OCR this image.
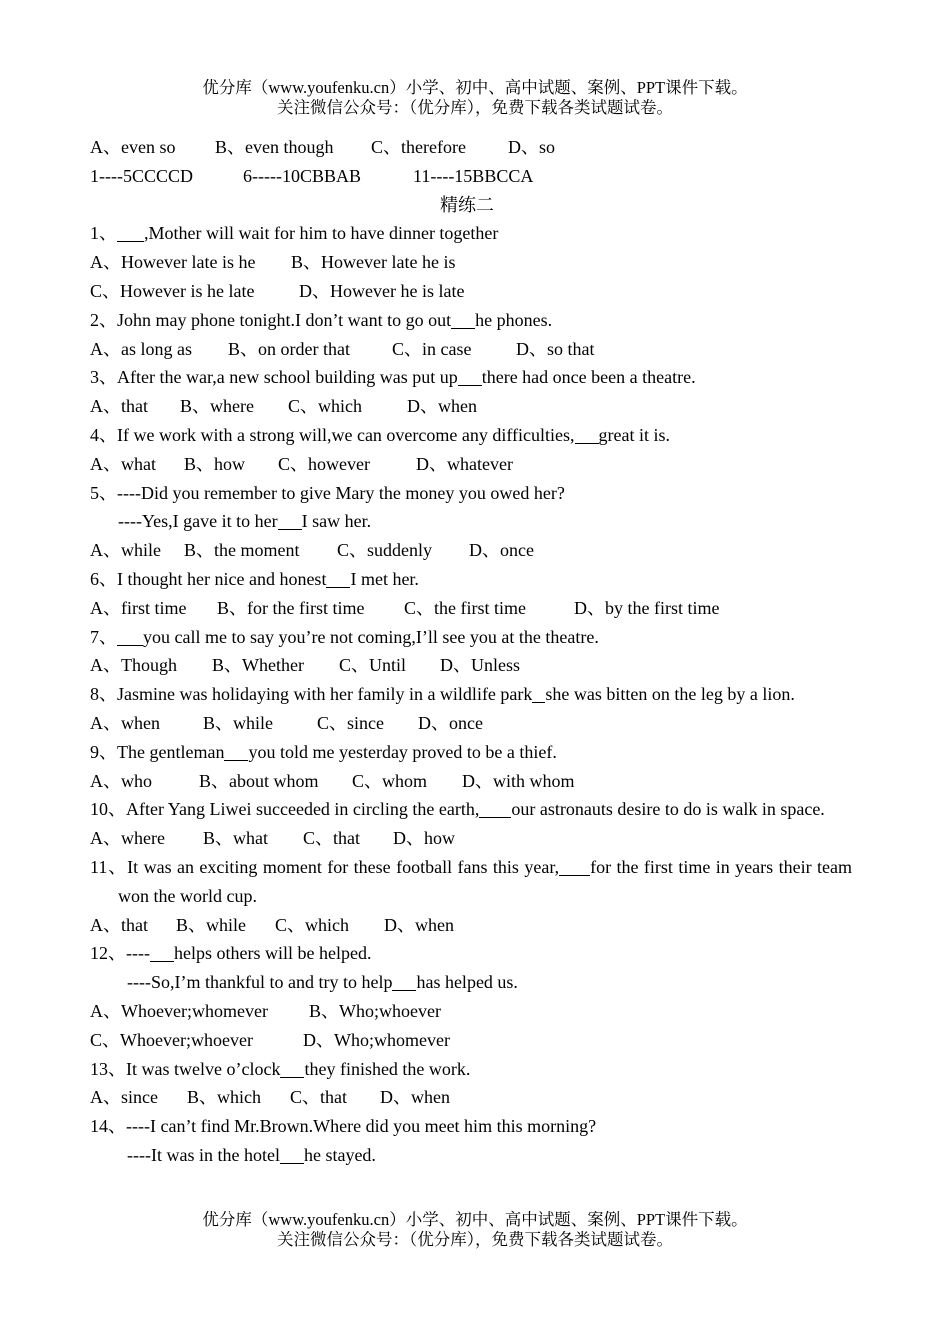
优分库（www.youfenku.cn）小学、初中、高中试题、案例、PPT课件下载。
关注微信公众号：（优分库），免费下载各类试题试卷。
A、even so B、even though C、therefore D、so
1----5CCCCD	6-----10CBBAB	11----15BBCCA
精练二
1、 ,Mother will wait for him to have dinner together
A、However late is he B、However late he is
C、However is he late D、However he is late
2、John may phone tonight.I don’t want to go out he phones.
A、as long as B、on order that C、in case D、so that
3、After the war,a new school building was put up there had once been a theatre.
A、that B、where C、which	D、when
4、If we work with a strong will,we can overcome any difficulties, great it is.
A、what B、how C、however	D、whatever
5、----Did you remember to give Mary the money you owed her?
----Yes,I gave it to her I saw her.
A、while B、the moment C、suddenly D、once
6、I thought her nice and honest I met her.
A、first time B、for the first time C、the first time	D、by the first time
7、 you call me to say you’re not coming,I’ll see you at the theatre.
A、Though B、Whether C、Until D、Unless
8、Jasmine was holidaying with her family in a wildlife park she was bitten on the leg by a lion.
A、when B、while C、since D、once
9、The gentleman you told me yesterday proved to be a thief.
A、who	B、about whom C、whom D、with whom
10、After Yang Liwei succeeded in circling the earth, our astronauts desire to do is walk in space.
A、where B、what C、that D、how
11、It was an exciting moment for these football fans this year, for the first time in years their team won the world cup.
A、that B、while C、which D、when
12、---- helps others will be helped.
----So,I’m thankful to and try to help has helped us.
A、Whoever;whomever B、Who;whoever
C、Whoever;whoever	D、Who;whomever
13、It was twelve o’clock they finished the work.
A、since B、which C、that D、when
14、----I can’t find Mr.Brown.Where did you meet him this morning?
----It was in the hotel he stayed.
优分库（www.youfenku.cn）小学、初中、高中试题、案例、PPT课件下载。
关注微信公众号：（优分库），免费下载各类试题试卷。
